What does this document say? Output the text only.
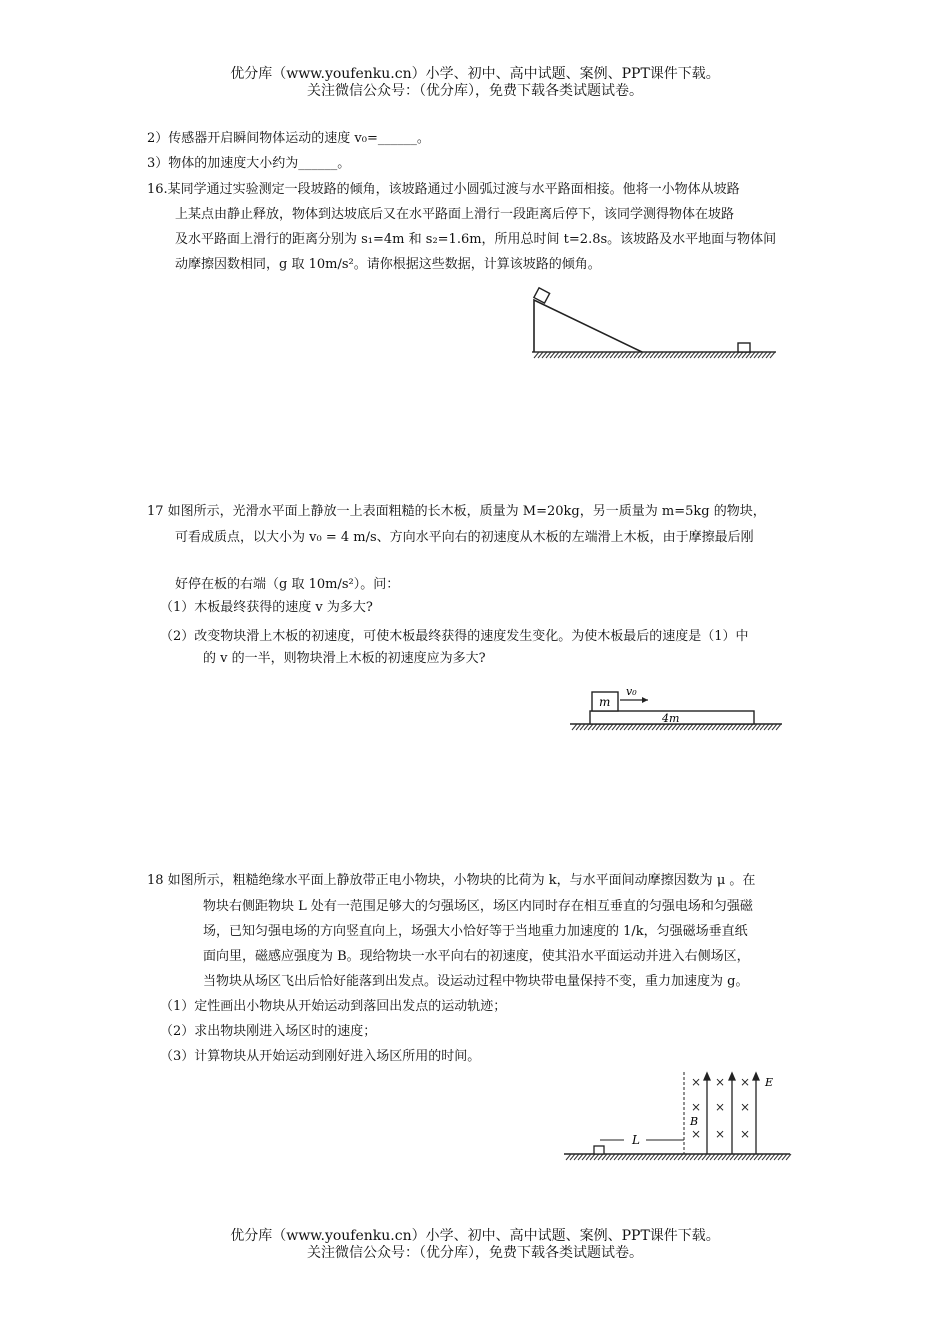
优分库（www.youfenku.cn）小学、初中、高中试题、案例、PPT课件下载。
关注微信公众号：（优分库），免费下载各类试题试卷。
2）传感器开启瞬间物体运动的速度 v₀=______。
3）物体的加速度大小约为______。
16.某同学通过实验测定一段坡路的倾角，该坡路通过小圆弧过渡与水平路面相接。他将一小物体从坡路
上某点由静止释放，物体到达坡底后又在水平路面上滑行一段距离后停下，该同学测得物体在坡路
及水平路面上滑行的距离分别为 s₁=4m 和 s₂=1.6m，所用总时间 t=2.8s。该坡路及水平地面与物体间
动摩擦因数相同，g 取 10m/s²。请你根据这些数据，计算该坡路的倾角。
17 如图所示，光滑水平面上静放一上表面粗糙的长木板，质量为 M=20kg，另一质量为 m=5kg 的物块，
可看成质点，以大小为 v₀ = 4 m/s、方向水平向右的初速度从木板的左端滑上木板，由于摩擦最后刚
好停在板的右端（g 取 10m/s²）。问：
（1）木板最终获得的速度 v 为多大?
（2）改变物块滑上木板的初速度，可使木板最终获得的速度发生变化。为使木板最后的速度是（1）中
的 v 的一半，则物块滑上木板的初速度应为多大?
m
v₀
4m
18 如图所示，粗糙绝缘水平面上静放带正电小物块，小物块的比荷为 k，与水平面间动摩擦因数为 μ 。在
物块右侧距物块 L 处有一范围足够大的匀强场区，场区内同时存在相互垂直的匀强电场和匀强磁
场，已知匀强电场的方向竖直向上，场强大小恰好等于当地重力加速度的 1/k，匀强磁场垂直纸
面向里，磁感应强度为 B。现给物块一水平向右的初速度，使其沿水平面运动并进入右侧场区，
当物块从场区飞出后恰好能落到出发点。设运动过程中物块带电量保持不变，重力加速度为 g。
（1）定性画出小物块从开始运动到落回出发点的运动轨迹；
（2）求出物块刚进入场区时的速度；
（3）计算物块从开始运动到刚好进入场区所用的时间。
L
× × ×
× × ×
× × ×
B
E
优分库（www.youfenku.cn）小学、初中、高中试题、案例、PPT课件下载。
关注微信公众号：（优分库），免费下载各类试题试卷。
